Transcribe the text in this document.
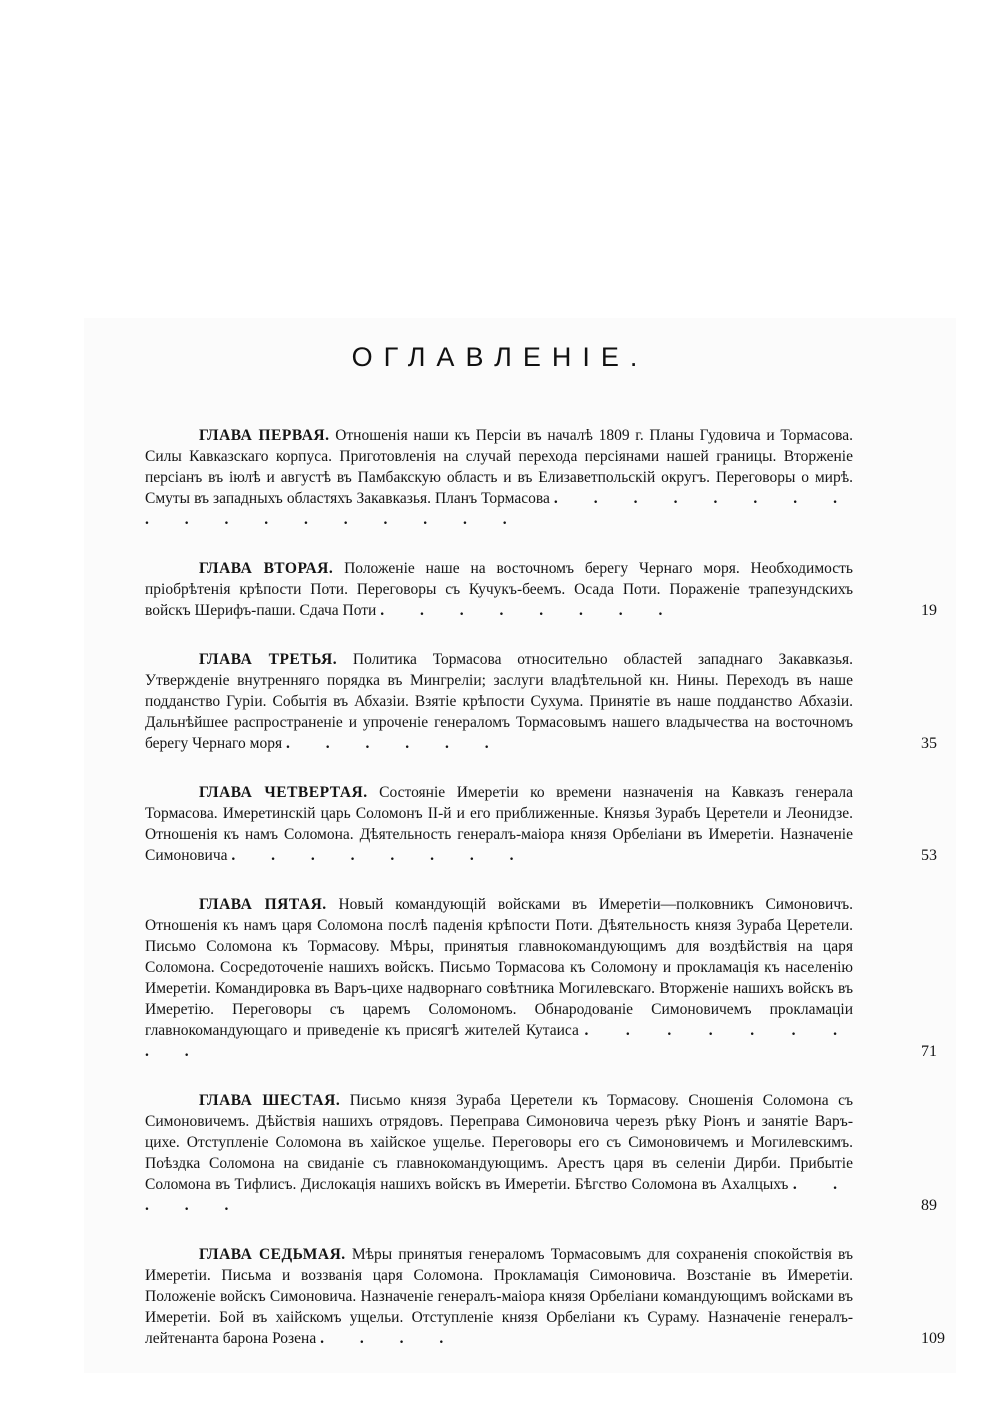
ОГЛАВЛЕНІЕ.
ГЛАВА ПЕРВАЯ. Отношенія наши къ Персіи въ началѣ 1809 г. Планы Гудовича и Тормасова. Силы Кавказскаго корпуса. Приготовленія на случай перехода персіянами нашей границы. Вторженіе персіанъ въ іюлѣ и августѣ въ Памбакскую область и въ Елизаветпольскій округъ. Переговоры о мирѣ. Смуты въ западныхъ областяхъ Закавказья. Планъ Тормасова . . . . . . . . . . . . . . . . . .
ГЛАВА ВТОРАЯ. Положеніе наше на восточномъ берегу Чернаго моря. Необходимость пріобрѣтенія крѣпости Поти. Переговоры съ Кучукъ-беемъ. Осада Поти. Пораженіе трапезундскихъ войскъ Шерифъ-паши. Сдача Поти . . . . . . . .	19
ГЛАВА ТРЕТЬЯ. Политика Тормасова относительно областей западнаго Закавказья. Утвержденіе внутренняго порядка въ Мингреліи; заслуги владѣтельной кн. Нины. Переходъ въ наше подданство Гуріи. Событія въ Абхазіи. Взятіе крѣпости Сухума. Принятіе въ наше подданство Абхазіи. Дальнѣйшее распространеніе и упроченіе генераломъ Тормасовымъ нашего владычества на восточномъ берегу Чернаго моря . . . . . .	35
ГЛАВА ЧЕТВЕРТАЯ. Состояніе Имеретіи ко времени назначенія на Кавказъ генерала Тормасова. Имеретинскій царь Соломонъ II-й и его приближенные. Князья Зурабъ Церетели и Леонидзе. Отношенія къ намъ Соломона. Дѣятельность генералъ-маіора князя Орбеліани въ Имеретіи. Назначеніе Симоновича . . . . . . . .	53
ГЛАВА ПЯТАЯ. Новый командующій войсками въ Имеретіи—полковникъ Симоновичъ. Отношенія къ намъ царя Соломона послѣ паденія крѣпости Поти. Дѣятельность князя Зураба Церетели. Письмо Соломона къ Тормасову. Мѣры, принятыя главнокомандующимъ для воздѣйствія на царя Соломона. Сосредоточеніе нашихъ войскъ. Письмо Тормасова къ Соломону и прокламація къ населенію Имеретіи. Командировка въ Варъ-цихе надворнаго совѣтника Могилевскаго. Вторженіе нашихъ войскъ въ Имеретію. Переговоры съ царемъ Соломономъ. Обнародованіе Симоновичемъ прокламаціи главнокомандующаго и приведеніе къ присягѣ жителей Кутаиса . . . . . . . . .	71
ГЛАВА ШЕСТАЯ. Письмо князя Зураба Церетели къ Тормасову. Сношенія Соломона съ Симоновичемъ. Дѣйствія нашихъ отрядовъ. Переправа Симоновича черезъ рѣку Ріонъ и занятіе Варъ-цихе. Отступленіе Соломона въ хаійское ущелье. Переговоры его съ Симоновичемъ и Могилевскимъ. Поѣздка Соломона на свиданіе съ главнокомандующимъ. Арестъ царя въ селеніи Дирби. Прибытіе Соломона въ Тифлисъ. Дислокація нашихъ войскъ въ Имеретіи. Бѣгство Соломона въ Ахалцыхъ . . . . .	89
ГЛАВА СЕДЬМАЯ. Мѣры принятыя генераломъ Тормасовымъ для сохраненія спокойствія въ Имеретіи. Письма и воззванія царя Соломона. Прокламація Симоновича. Возстаніе въ Имеретіи. Положеніе войскъ Симоновича. Назначеніе генералъ-маіора князя Орбеліани командующимъ войсками въ Имеретіи. Бой въ хаійскомъ ущельи. Отступленіе князя Орбеліани къ Сураму. Назначеніе генералъ-лейтенанта барона Розена . . . .	109
